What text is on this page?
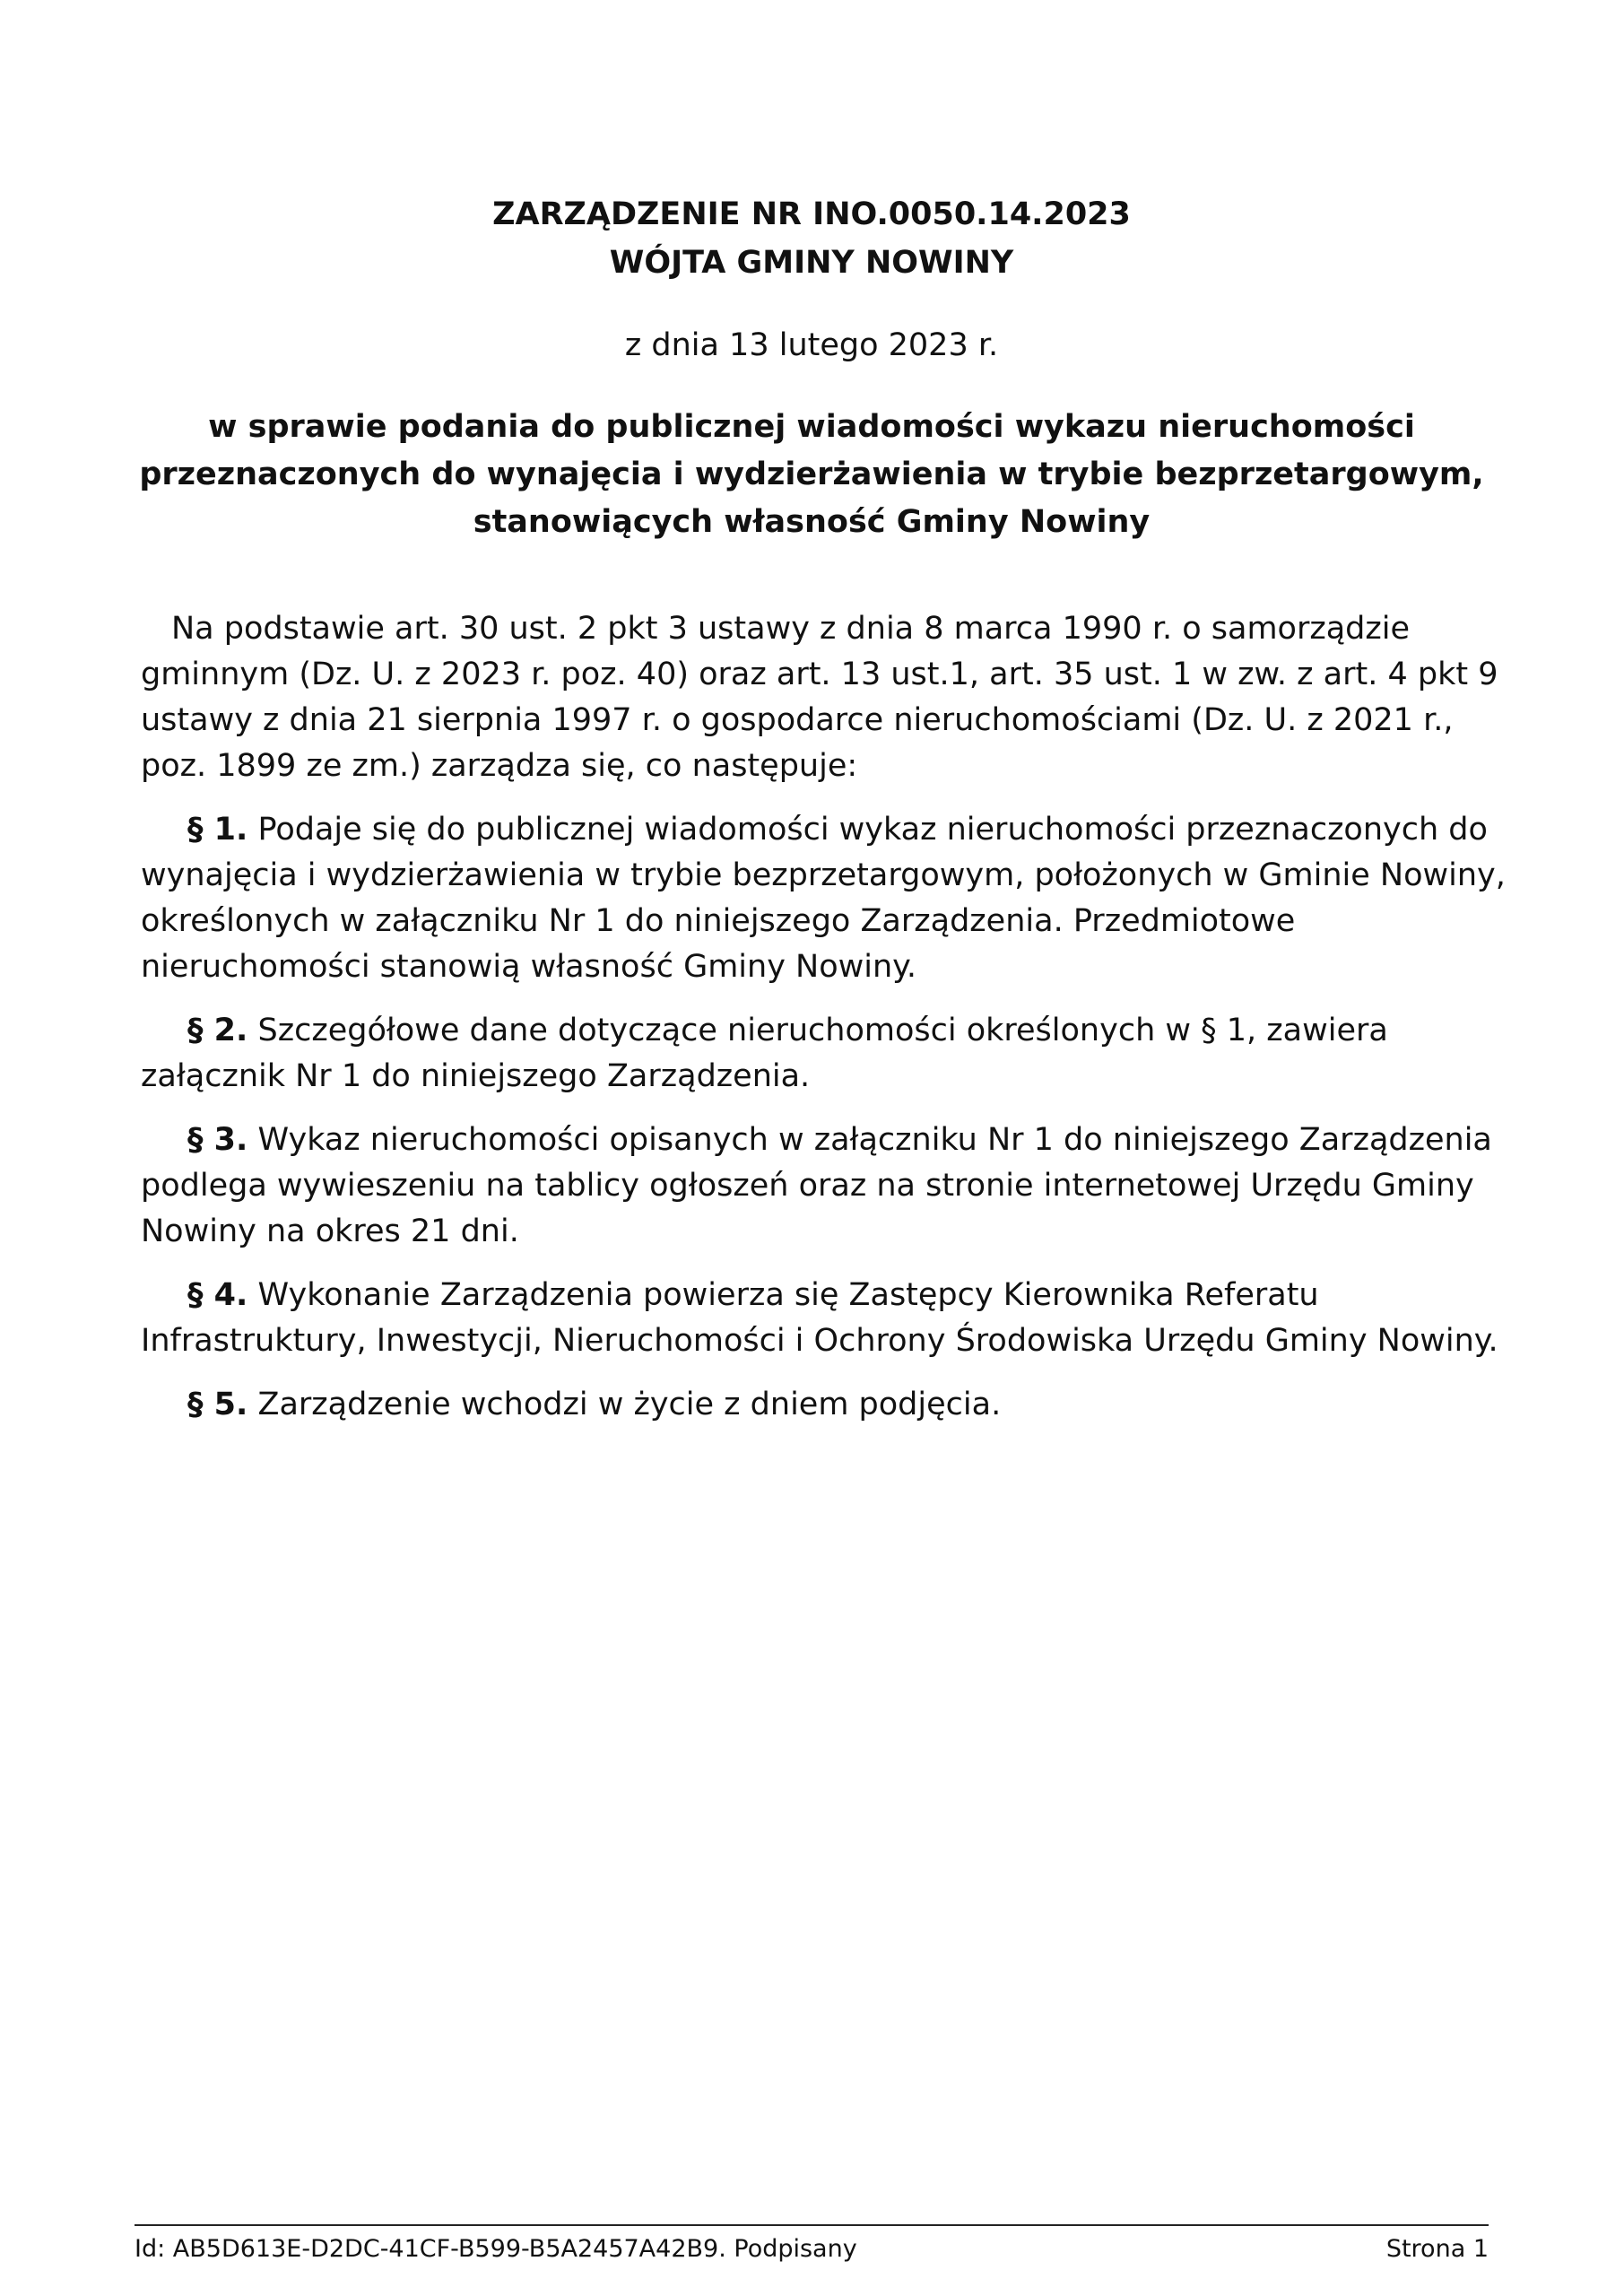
ZARZĄDZENIE NR INO.0050.14.2023
WÓJTA GMINY NOWINY
z dnia 13 lutego 2023 r.
w sprawie podania do publicznej wiadomości wykazu nieruchomości przeznaczonych do wynajęcia i wydzierżawienia w trybie bezprzetargowym, stanowiących własność Gminy Nowiny

Na podstawie art. 30 ust. 2 pkt 3 ustawy z dnia 8 marca 1990 r. o samorządzie gminnym (Dz. U. z 2023 r. poz. 40) oraz art. 13 ust.1, art. 35 ust. 1 w zw. z art. 4 pkt 9 ustawy z dnia 21 sierpnia 1997 r. o gospodarce nieruchomościami (Dz. U. z 2021 r., poz. 1899 ze zm.) zarządza się, co następuje:

§ 1. Podaje się do publicznej wiadomości wykaz nieruchomości przeznaczonych do wynajęcia i wydzierżawienia w trybie bezprzetargowym, położonych w Gminie Nowiny, określonych w załączniku Nr 1 do niniejszego Zarządzenia. Przedmiotowe nieruchomości stanowią własność Gminy Nowiny.

§ 2. Szczegółowe dane dotyczące nieruchomości określonych w § 1, zawiera załącznik Nr 1 do niniejszego Zarządzenia.

§ 3. Wykaz nieruchomości opisanych w załączniku Nr 1 do niniejszego Zarządzenia podlega wywieszeniu na tablicy ogłoszeń oraz na stronie internetowej Urzędu Gminy Nowiny na okres 21 dni.

§ 4. Wykonanie Zarządzenia powierza się Zastępcy Kierownika Referatu Infrastruktury, Inwestycji, Nieruchomości i Ochrony Środowiska Urzędu Gminy Nowiny.

§ 5. Zarządzenie wchodzi w życie z dniem podjęcia.

Id: AB5D613E-D2DC-41CF-B599-B5A2457A42B9. Podpisany	Strona 1
